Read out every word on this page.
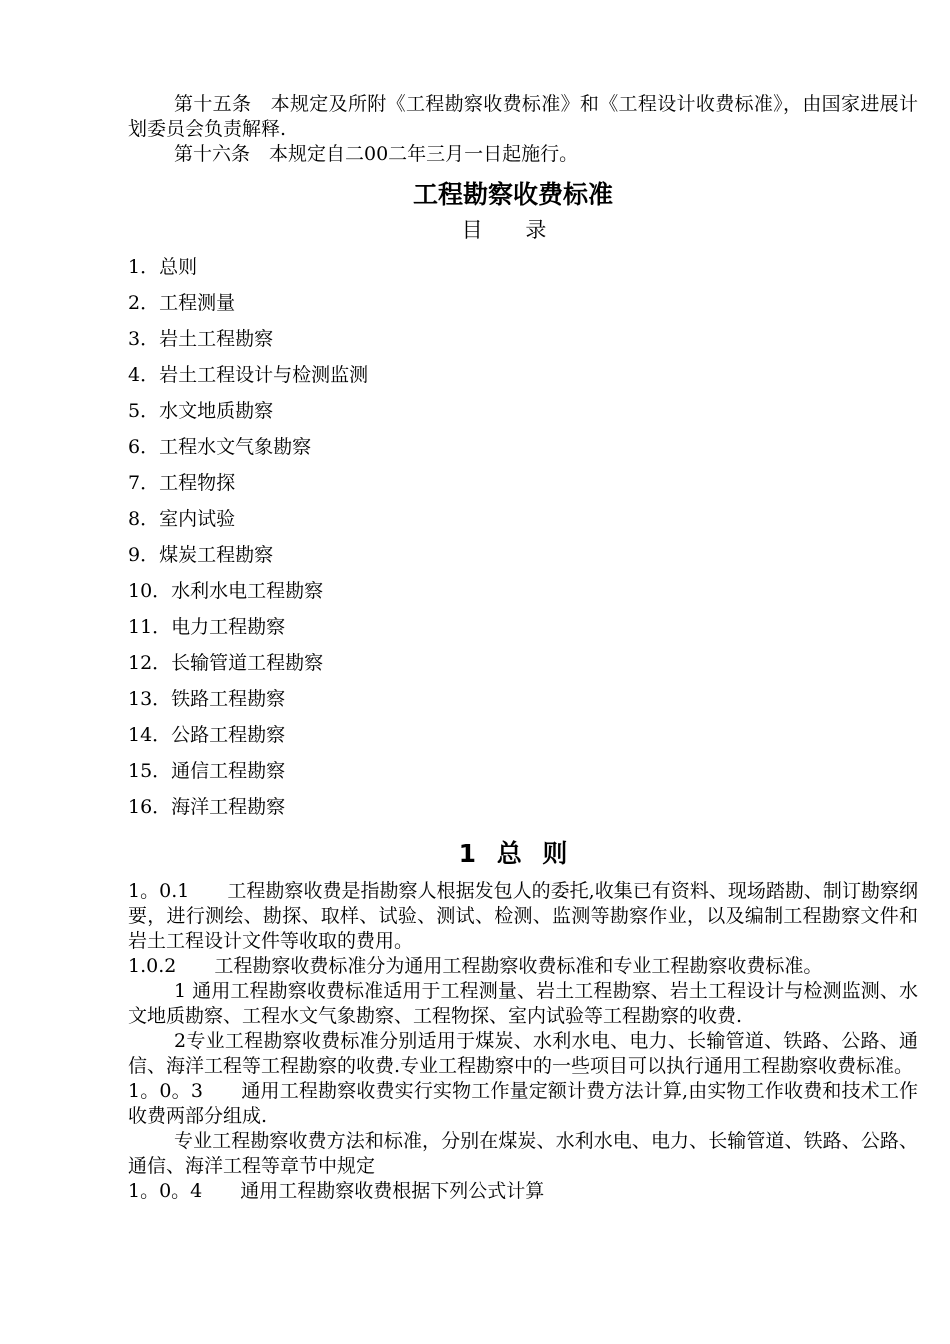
第十五条　本规定及所附《工程勘察收费标准》和《工程设计收费标准》，由国家进展计划委员会负责解释.

第十六条　本规定自二00二年三月一日起施行。

工程勘察收费标准
目 录
1．总则
2．工程测量
3．岩土工程勘察
4．岩土工程设计与检测监测
5．水文地质勘察
6．工程水文气象勘察
7．工程物探
8．室内试验
9．煤炭工程勘察
10．水利水电工程勘察
11．电力工程勘察
12．长输管道工程勘察
13．铁路工程勘察
14．公路工程勘察
15．通信工程勘察
16．海洋工程勘察
1 总 则

1。0.1　　工程勘察收费是指勘察人根据发包人的委托,收集已有资料、现场踏勘、制订勘察纲要，进行测绘、勘探、取样、试验、测试、检测、监测等勘察作业，以及编制工程勘察文件和岩土工程设计文件等收取的费用。

1.0.2　　工程勘察收费标准分为通用工程勘察收费标准和专业工程勘察收费标准。

1 通用工程勘察收费标准适用于工程测量、岩土工程勘察、岩土工程设计与检测监测、水文地质勘察、工程水文气象勘察、工程物探、室内试验等工程勘察的收费.

2专业工程勘察收费标准分别适用于煤炭、水利水电、电力、长输管道、铁路、公路、通信、海洋工程等工程勘察的收费.专业工程勘察中的一些项目可以执行通用工程勘察收费标准。

1。0。3　　通用工程勘察收费实行实物工作量定额计费方法计算,由实物工作收费和技术工作收费两部分组成.

专业工程勘察收费方法和标准，分别在煤炭、水利水电、电力、长输管道、铁路、公路、通信、海洋工程等章节中规定

1。0。4　　通用工程勘察收费根据下列公式计算
